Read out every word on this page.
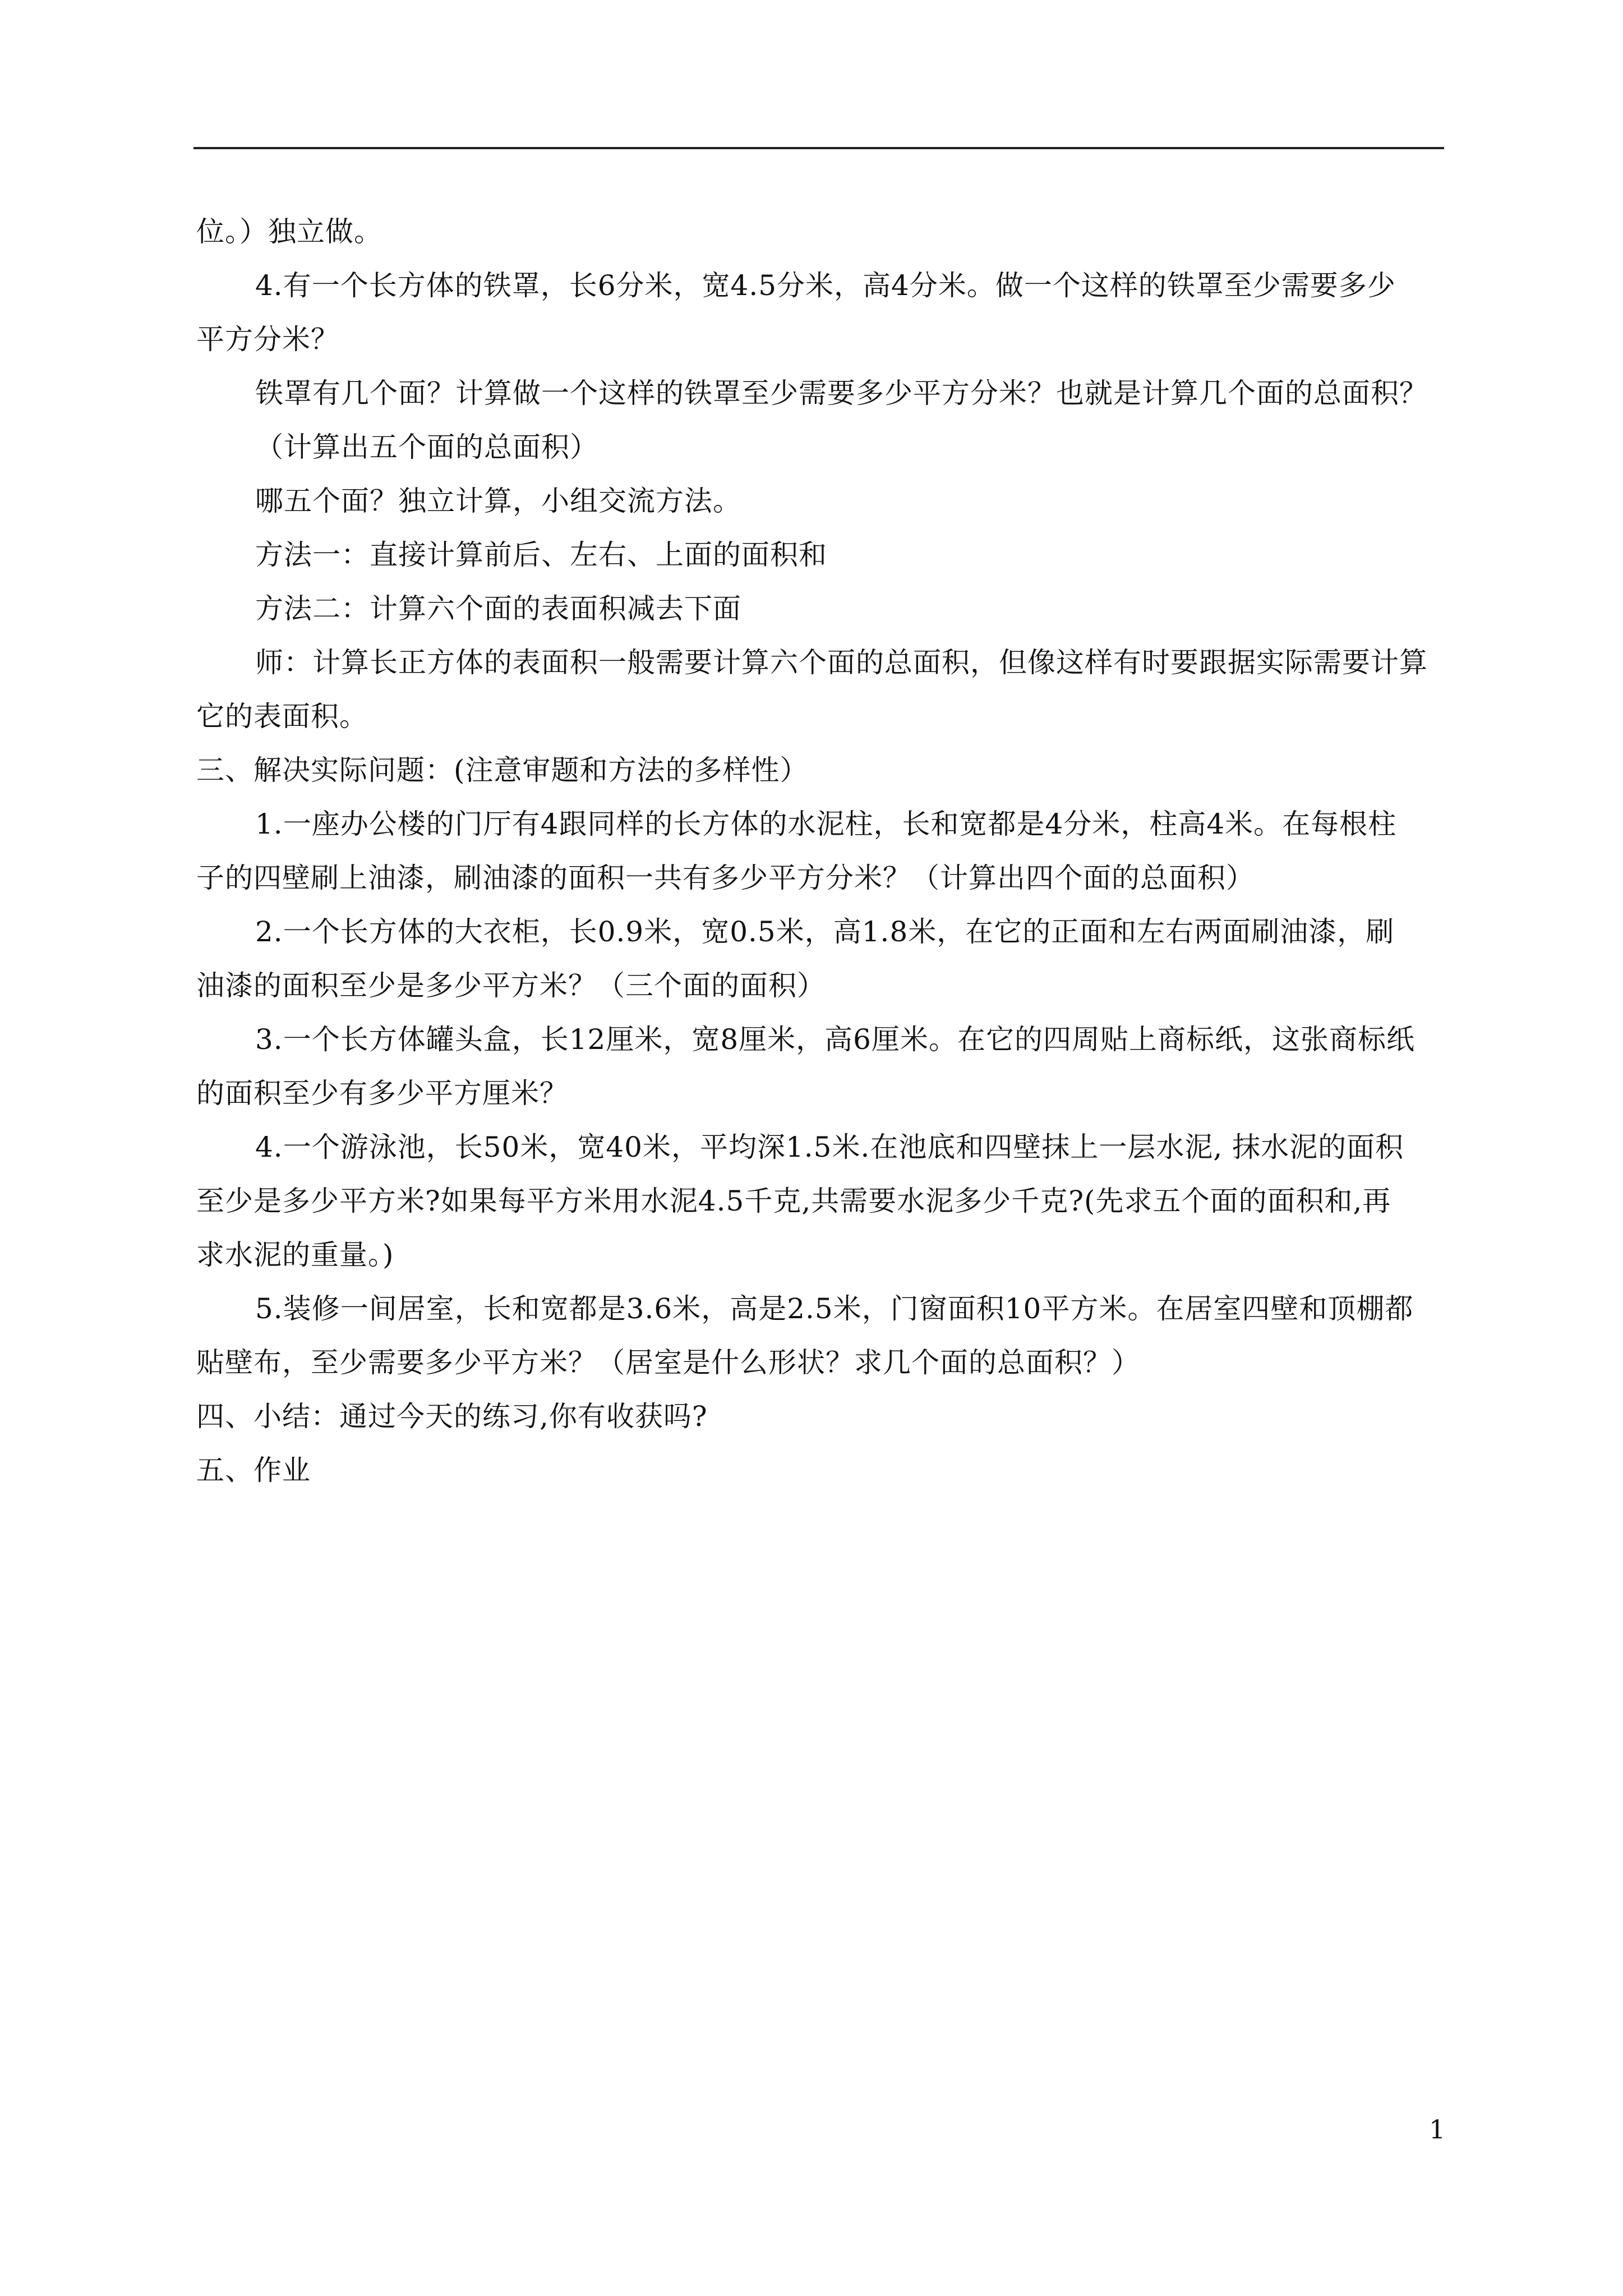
位。）独立做。
4.有一个长方体的铁罩，长6分米，宽4.5分米，高4分米。做一个这样的铁罩至少需要多少
平方分米？
铁罩有几个面？计算做一个这样的铁罩至少需要多少平方分米？也就是计算几个面的总面积？
（计算出五个面的总面积）
哪五个面？独立计算，小组交流方法。
方法一：直接计算前后、左右、上面的面积和
方法二：计算六个面的表面积减去下面
师：计算长正方体的表面积一般需要计算六个面的总面积，但像这样有时要跟据实际需要计算
它的表面积。
三、解决实际问题：(注意审题和方法的多样性）
1.一座办公楼的门厅有4跟同样的长方体的水泥柱，长和宽都是4分米，柱高4米。在每根柱
子的四壁刷上油漆，刷油漆的面积一共有多少平方分米？（计算出四个面的总面积）
2.一个长方体的大衣柜，长0.9米，宽0.5米，高1.8米，在它的正面和左右两面刷油漆，刷
油漆的面积至少是多少平方米？（三个面的面积）
3.一个长方体罐头盒，长12厘米，宽8厘米，高6厘米。在它的四周贴上商标纸，这张商标纸
的面积至少有多少平方厘米？
4.一个游泳池，长50米，宽40米，平均深1.5米.在池底和四壁抹上一层水泥, 抹水泥的面积
至少是多少平方米?如果每平方米用水泥4.5千克,共需要水泥多少千克?(先求五个面的面积和,再
求水泥的重量。)
5.装修一间居室，长和宽都是3.6米，高是2.5米，门窗面积10平方米。在居室四壁和顶棚都
贴壁布，至少需要多少平方米？（居室是什么形状？求几个面的总面积？）
四、小结：通过今天的练习,你有收获吗?
五、作业
1
